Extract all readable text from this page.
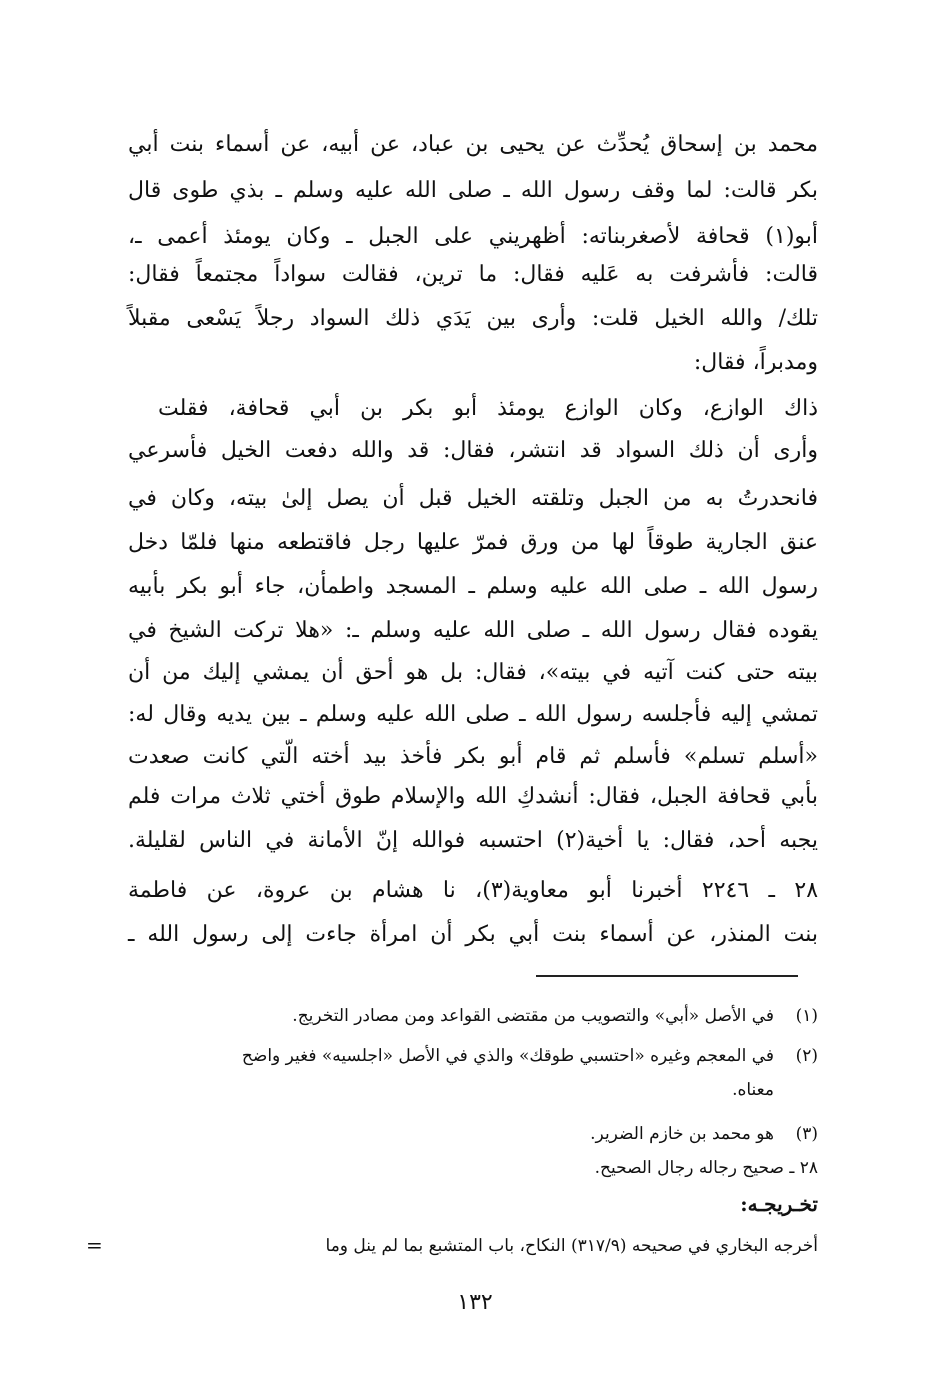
محمد بن إسحاق يُحدِّث عن يحيى بن عباد، عن أبيه، عن أسماء بنت أبي
بكر قالت: لما وقف رسول الله ـ صلى الله عليه وسلم ـ بذي طوى قال
أبو(١) قحافة لأصغربناته: أظهريني على الجبل ـ وكان يومئذ أعمى ـ،
قالت: فأشرفت به عَليه فقال: ما ترين، فقالت سواداً مجتمعاً فقال:
تلك/ والله الخيل قلت: وأرى بين يَدَي ذلك السواد رجلاً يَسْعى مقبلاً
ومدبراً، فقال:
ذاك الوازع، وكان الوازع يومئذ أبو بكر بن أبي قحافة، فقلت
وأرى أن ذلك السواد قد انتشر، فقال: قد والله دفعت الخيل فأسرعي
فانحدرتُ به من الجبل وتلقته الخيل قبل أن يصل إلىٰ بيته، وكان في
عنق الجارية طوقاً لها من ورق فمرّ عليها رجل فاقتطعه منها فلمّا دخل
رسول الله ـ صلى الله عليه وسلم ـ المسجد واطمأن، جاء أبو بكر بأبيه
يقوده فقال رسول الله ـ صلى الله عليه وسلم ـ: «هلا تركت الشيخ في
بيته حتى كنت آتيه في بيته»، فقال: بل هو أحق أن يمشي إليك من أن
تمشي إليه فأجلسه رسول الله ـ صلى الله عليه وسلم ـ بين يديه وقال له:
«أسلم تسلم» فأسلم ثم قام أبو بكر فأخذ بيد أخته الّتي كانت صعدت
بأبي قحافة الجبل، فقال: أنشدكِ الله والإسلام طوق أختي ثلاث مرات فلم
يجبه أحد، فقال: يا أخية(٢) احتسبه فوالله إنّ الأمانة في الناس لقليلة.
٢٨ ـ ٢٢٤٦ أخبرنا أبو معاوية(٣)، نا هشام بن عروة، عن فاطمة
بنت المنذر، عن أسماء بنت أبي بكر أن امرأة جاءت إلى رسول الله ـ
(١)في الأصل «أبي» والتصويب من مقتضى القواعد ومن مصادر التخريج.
(٢)في المعجم وغيره «احتسبي طوقك» والذي في الأصل «اجلسيه» فغير واضح
معناه.
(٣)هو محمد بن خازم الضرير.
٢٨ ـ صحيح رجاله رجال الصحيح.
تخـريجـه:
أخرجه البخاري في صحيحه (٣١٧/٩) النكاح، باب المتشبع بما لم ينل وما
=
١٣٢
